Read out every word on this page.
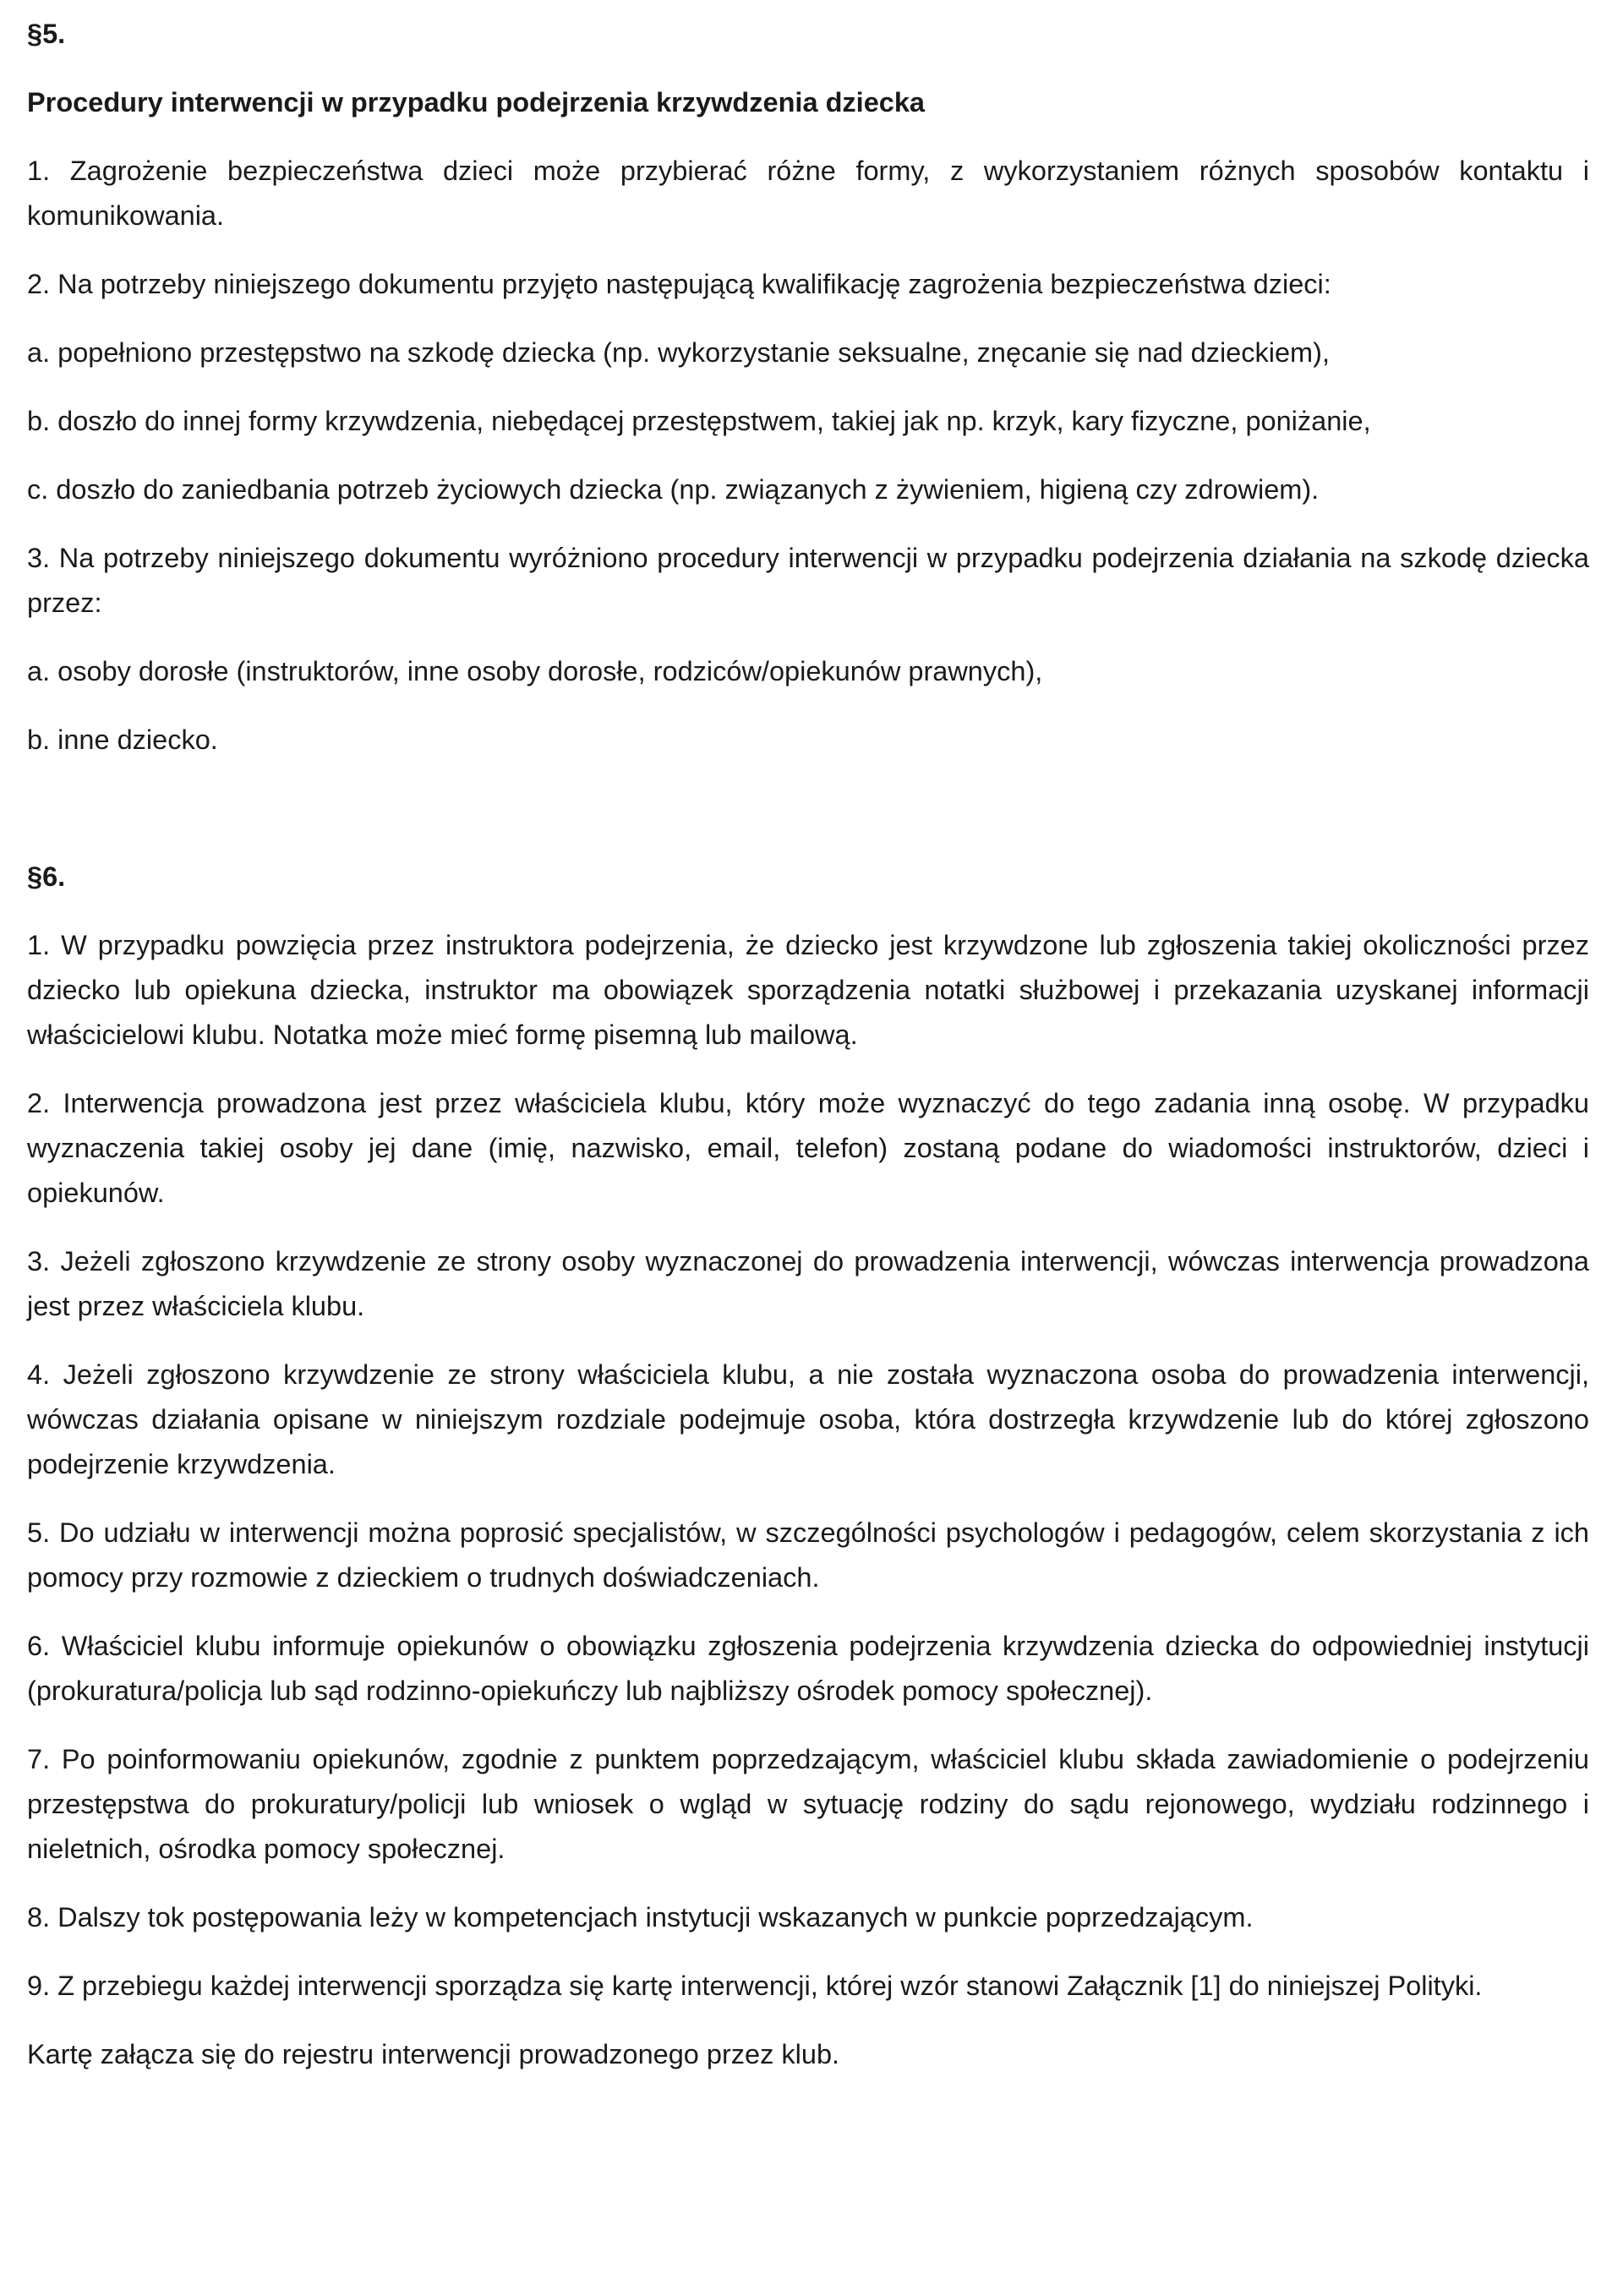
§5.
Procedury interwencji w przypadku podejrzenia krzywdzenia dziecka

1. Zagrożenie bezpieczeństwa dzieci może przybierać różne formy, z wykorzystaniem różnych sposobów kontaktu i komunikowania.

2. Na potrzeby niniejszego dokumentu przyjęto następującą kwalifikację zagrożenia bezpieczeństwa dzieci:

a. popełniono przestępstwo na szkodę dziecka (np. wykorzystanie seksualne, znęcanie się nad dzieckiem),

b. doszło do innej formy krzywdzenia, niebędącej przestępstwem, takiej jak np. krzyk, kary fizyczne, poniżanie,

c. doszło do zaniedbania potrzeb życiowych dziecka (np. związanych z żywieniem, higieną czy zdrowiem).

3. Na potrzeby niniejszego dokumentu wyróżniono procedury interwencji w przypadku podejrzenia działania na szkodę dziecka przez:

a. osoby dorosłe (instruktorów, inne osoby dorosłe, rodziców/opiekunów prawnych),

b. inne dziecko.

§6.

1. W przypadku powzięcia przez instruktora podejrzenia, że dziecko jest krzywdzone lub zgłoszenia takiej okoliczności przez dziecko lub opiekuna dziecka, instruktor ma obowiązek sporządzenia notatki służbowej i przekazania uzyskanej informacji właścicielowi klubu. Notatka może mieć formę pisemną lub mailową.

2. Interwencja prowadzona jest przez właściciela klubu, który może wyznaczyć do tego zadania inną osobę. W przypadku wyznaczenia takiej osoby jej dane (imię, nazwisko, email, telefon) zostaną podane do wiadomości instruktorów, dzieci i opiekunów.

3. Jeżeli zgłoszono krzywdzenie ze strony osoby wyznaczonej do prowadzenia interwencji, wówczas interwencja prowadzona jest przez właściciela klubu.

4. Jeżeli zgłoszono krzywdzenie ze strony właściciela klubu, a nie została wyznaczona osoba do prowadzenia interwencji, wówczas działania opisane w niniejszym rozdziale podejmuje osoba, która dostrzegła krzywdzenie lub do której zgłoszono podejrzenie krzywdzenia.

5. Do udziału w interwencji można poprosić specjalistów, w szczególności psychologów i pedagogów, celem skorzystania z ich pomocy przy rozmowie z dzieckiem o trudnych doświadczeniach.

6. Właściciel klubu informuje opiekunów o obowiązku zgłoszenia podejrzenia krzywdzenia dziecka do odpowiedniej instytucji (prokuratura/policja lub sąd rodzinno-opiekuńczy lub najbliższy ośrodek pomocy społecznej).

7. Po poinformowaniu opiekunów, zgodnie z punktem poprzedzającym, właściciel klubu składa zawiadomienie o podejrzeniu przestępstwa do prokuratury/policji lub wniosek o wgląd w sytuację rodziny do sądu rejonowego, wydziału rodzinnego i nieletnich, ośrodka pomocy społecznej.

8. Dalszy tok postępowania leży w kompetencjach instytucji wskazanych w punkcie poprzedzającym.

9. Z przebiegu każdej interwencji sporządza się kartę interwencji, której wzór stanowi Załącznik [1] do niniejszej Polityki.

Kartę załącza się do rejestru interwencji prowadzonego przez klub.
